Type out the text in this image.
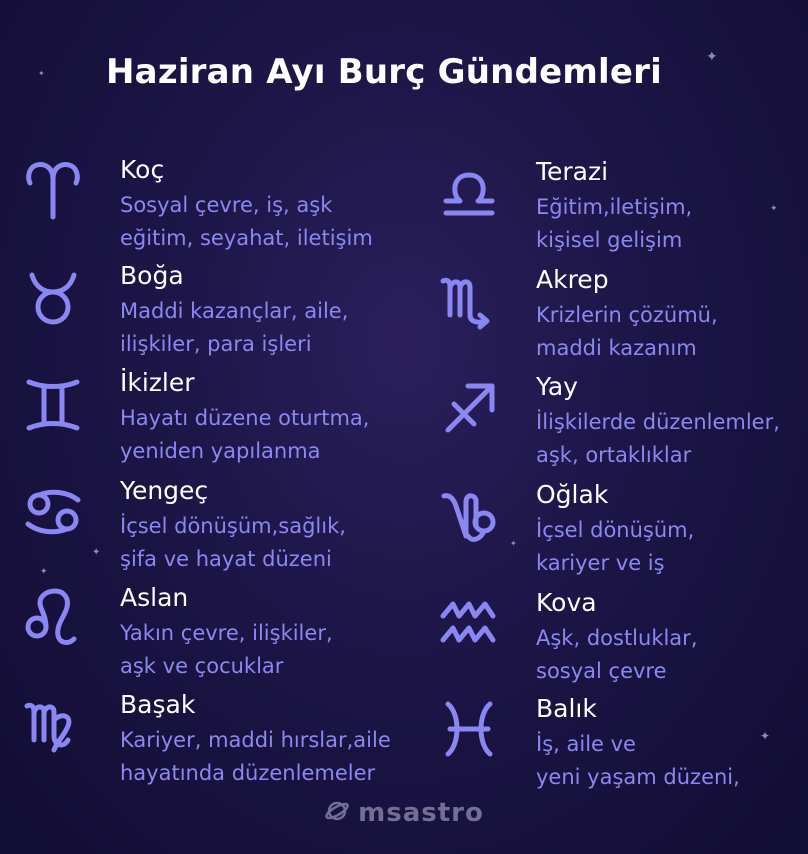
Haziran Ayı Burç Gündemleri	✦
✦
✦
✦
✦
✦
✦
Koç
Sosyal çevre, iş, aşk
eğitim, seyahat, iletişim
Boğa
Maddi kazançlar, aile,
ilişkiler, para işleri
İkizler
Hayatı düzene oturtma,
yeniden yapılanma
Yengeç
İçsel dönüşüm,sağlık,
şifa ve hayat düzeni
Aslan
Yakın çevre, ilişkiler,
aşk ve çocuklar
Başak
Kariyer, maddi hırslar,aile
hayatında düzenlemeler
Terazi
Eğitim,iletişim,
kişisel gelişim
Akrep
Krizlerin çözümü,
maddi kazanım
Yay
İlişkilerde düzenlemler,
aşk, ortaklıklar
Oğlak
İçsel dönüşüm,
kariyer ve iş
Kova
Aşk, dostluklar,
sosyal çevre
Balık
İş, aile ve
yeni yaşam düzeni,
msastro
